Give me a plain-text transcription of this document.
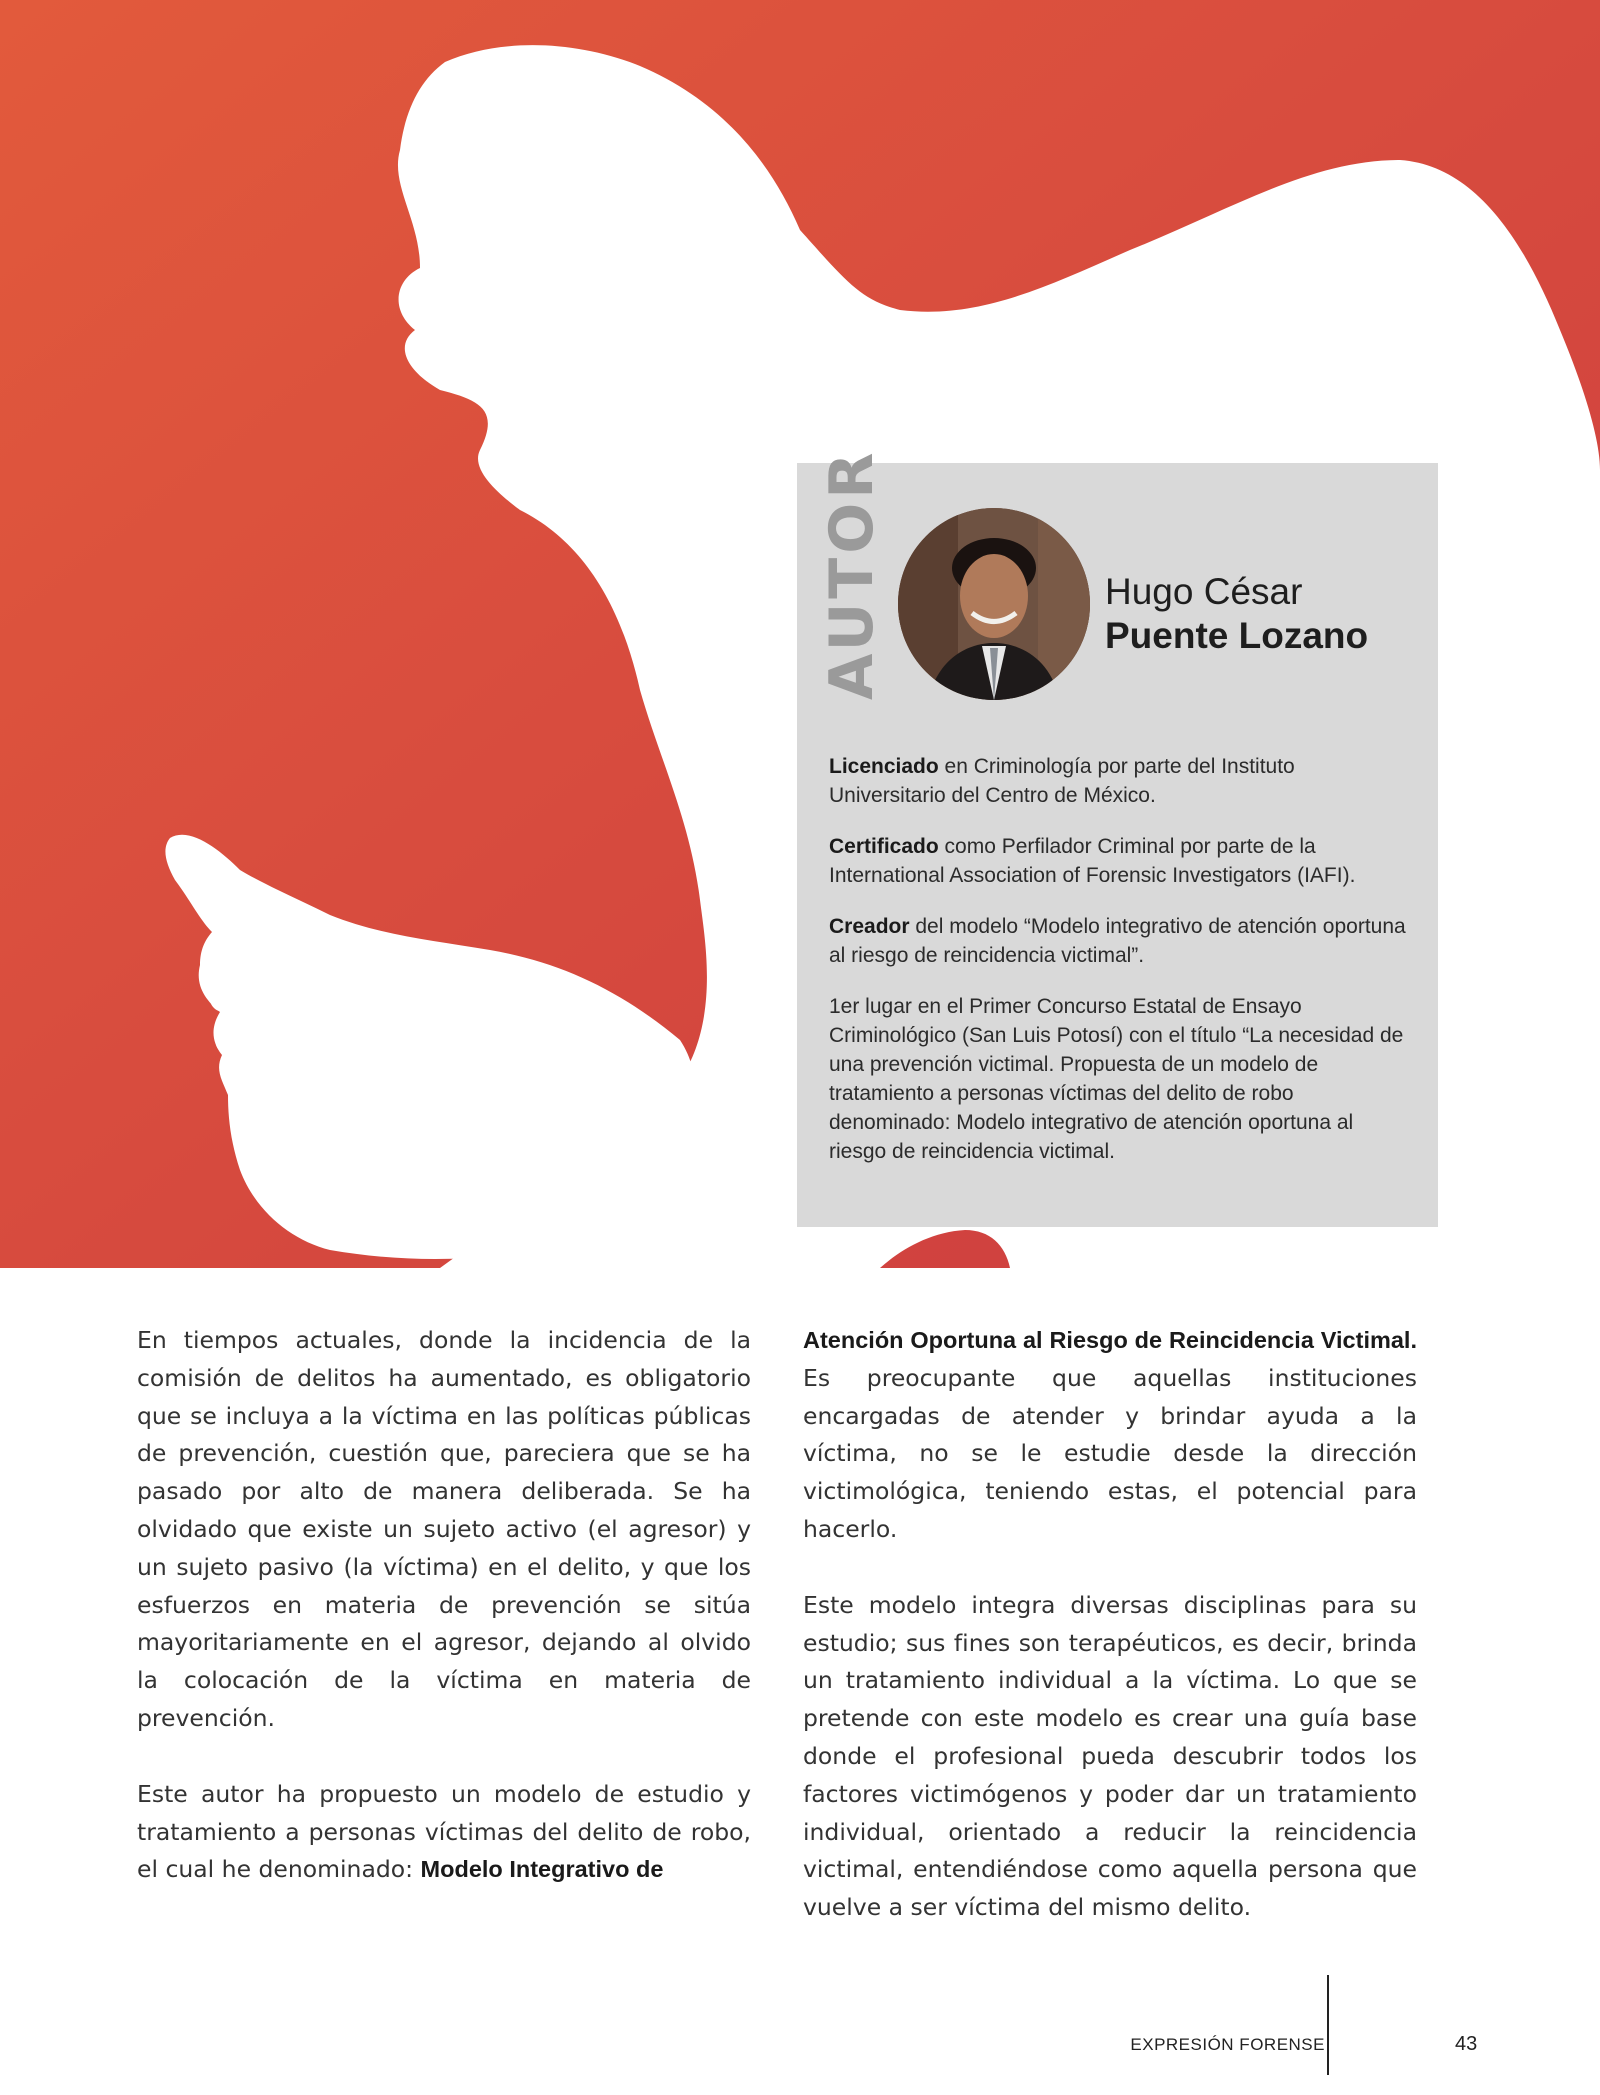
AUTOR	Hugo César
Puente Lozano

Licenciado en Criminología por parte del Instituto Universitario del Centro de México.

Certificado como Perfilador Criminal por parte de la International Association of Forensic Investigators (IAFI).

Creador del modelo “Modelo integrativo de atención oportuna al riesgo de reincidencia victimal”.

1er lugar en el Primer Concurso Estatal de Ensayo Criminológico (San Luis Potosí) con el título “La necesidad de una prevención victimal. Propuesta de un modelo de tratamiento a personas víctimas del delito de robo denominado: Modelo integrativo de atención oportuna al riesgo de reincidencia victimal.

En tiempos actuales, donde la incidencia de la comisión de delitos ha aumentado, es obligatorio que se incluya a la víctima en las políticas públicas de prevención, cuestión que, pareciera que se ha pasado por alto de manera deliberada. Se ha olvidado que existe un sujeto activo (el agresor) y un sujeto pasivo (la víctima) en el delito, y que los esfuerzos en materia de prevención se sitúa mayoritariamente en el agresor, dejando al olvido la colocación de la víctima en materia de prevención.

Este autor ha propuesto un modelo de estudio y tratamiento a personas víctimas del delito de robo, el cual he denominado: Modelo Integrativo de

Atención Oportuna al Riesgo de Reincidencia Victimal. Es preocupante que aquellas instituciones encargadas de atender y brindar ayuda a la víctima, no se le estudie desde la dirección victimológica, teniendo estas, el potencial para hacerlo.

Este modelo integra diversas disciplinas para su estudio; sus fines son terapéuticos, es decir, brinda un tratamiento individual a la víctima. Lo que se pretende con este modelo es crear una guía base donde el profesional pueda descubrir todos los factores victimógenos y poder dar un tratamiento individual, orientado a reducir la reincidencia victimal, entendiéndose como aquella persona que vuelve a ser víctima del mismo delito.

EXPRESIÓN FORENSE	43
